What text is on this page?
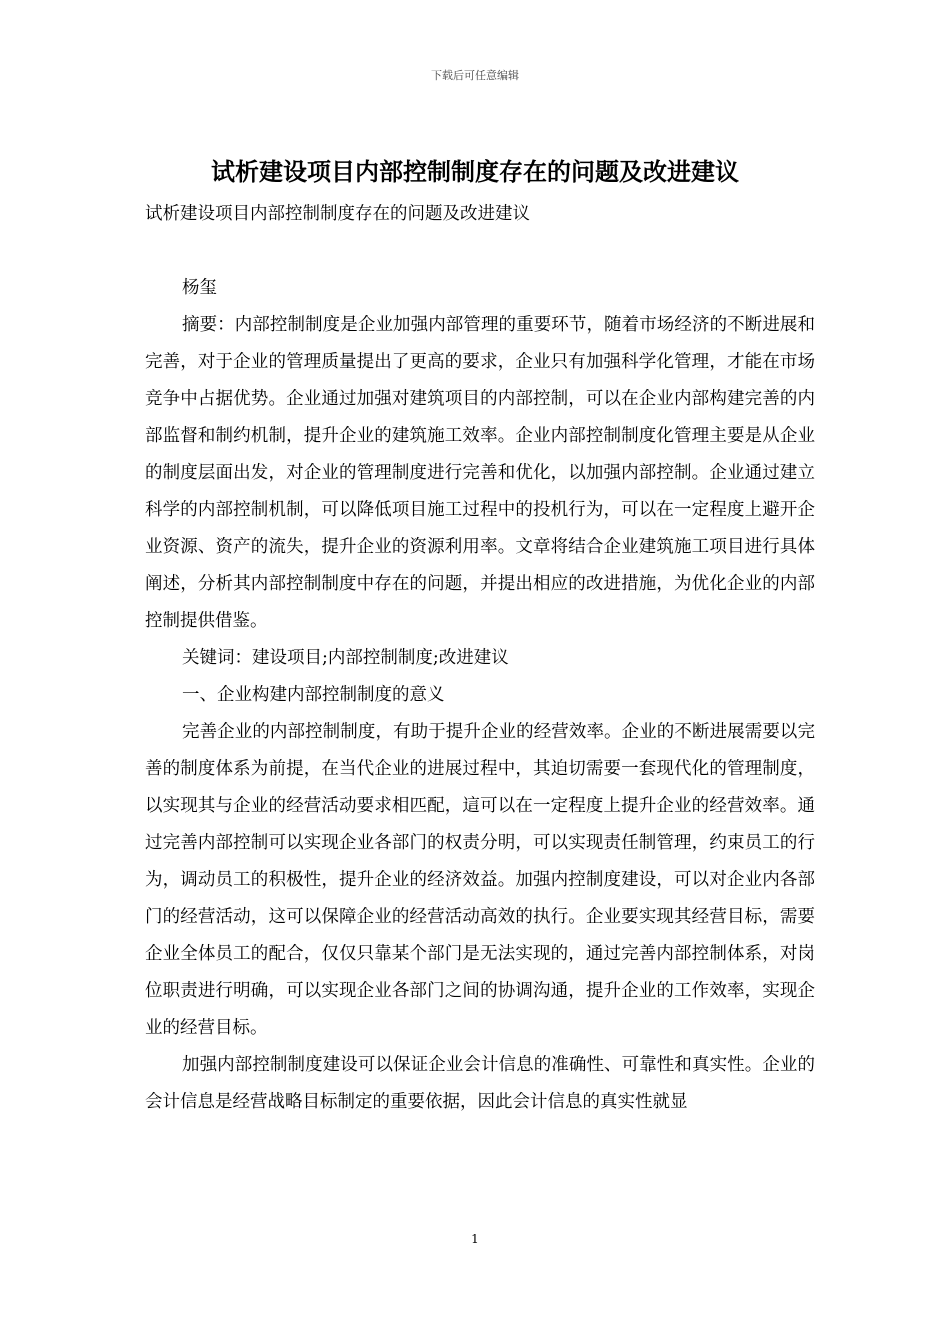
下载后可任意编辑
试析建设项目内部控制制度存在的问题及改进建议
试析建设项目内部控制制度存在的问题及改进建议
杨玺

摘要：内部控制制度是企业加强内部管理的重要环节，随着市场经济的不断进展和完善，对于企业的管理质量提出了更高的要求，企业只有加强科学化管理，才能在市场竞争中占据优势。企业通过加强对建筑项目的内部控制，可以在企业内部构建完善的内部监督和制约机制，提升企业的建筑施工效率。企业内部控制制度化管理主要是从企业的制度层面出发，对企业的管理制度进行完善和优化，以加强内部控制。企业通过建立科学的内部控制机制，可以降低项目施工过程中的投机行为，可以在一定程度上避开企业资源、资产的流失，提升企业的资源利用率。文章将结合企业建筑施工项目进行具体阐述，分析其内部控制制度中存在的问题，并提出相应的改进措施，为优化企业的内部控制提供借鉴。

关键词：建设项目;内部控制制度;改进建议

一、企业构建内部控制制度的意义

完善企业的内部控制制度，有助于提升企业的经营效率。企业的不断进展需要以完善的制度体系为前提，在当代企业的进展过程中，其迫切需要一套现代化的管理制度，以实现其与企业的经营活动要求相匹配，這可以在一定程度上提升企业的经营效率。通过完善内部控制可以实现企业各部门的权责分明，可以实现责任制管理，约束员工的行为，调动员工的积极性，提升企业的经济效益。加强内控制度建设，可以对企业内各部门的经营活动，这可以保障企业的经营活动高效的执行。企业要实现其经营目标，需要企业全体员工的配合，仅仅只靠某个部门是无法实现的，通过完善内部控制体系，对岗位职责进行明确，可以实现企业各部门之间的协调沟通，提升企业的工作效率，实现企业的经营目标。

加强内部控制制度建设可以保证企业会计信息的准确性、可靠性和真实性。企业的会计信息是经营战略目标制定的重要依据，因此会计信息的真实性就显

1
